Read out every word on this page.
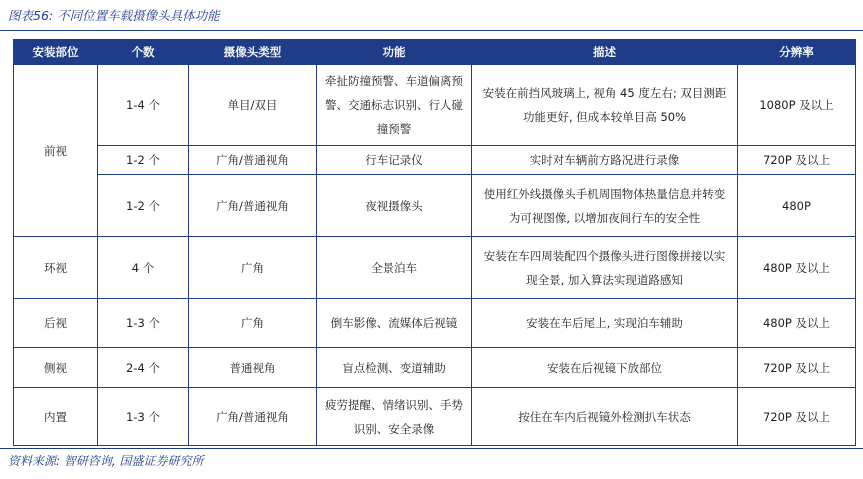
图表56: 不同位置车载摄像头具体功能
安装部位	个数	摄像头类型	功能	描述	分辨率
前视	1-4 个	单目/双目	牵扯防撞预警、车道偏离预警、交通标志识别、行人碰撞预警	安装在前挡风玻璃上, 视角 45 度左右; 双目测距功能更好, 但成本较单目高 50%	1080P 及以上
	1-2 个	广角/普通视角	行车记录仪	实时对车辆前方路况进行录像	720P 及以上
	1-2 个	广角/普通视角	夜视摄像头	使用红外线摄像头手机周围物体热量信息并转变为可视图像, 以增加夜间行车的安全性	480P
环视	4 个	广角	全景泊车	安装在车四周装配四个摄像头进行图像拼接以实现全景, 加入算法实现道路感知	480P 及以上
后视	1-3 个	广角	倒车影像、流媒体后视镜	安装在车后尾上, 实现泊车辅助	480P 及以上
侧视	2-4 个	普通视角	盲点检测、变道辅助	安装在后视镜下放部位	720P 及以上
内置	1-3 个	广角/普通视角	疲劳提醒、情绪识别、手势识别、安全录像	按住在车内后视镜外检测扒车状态	720P 及以上
资料来源: 智研咨询, 国盛证券研究所
